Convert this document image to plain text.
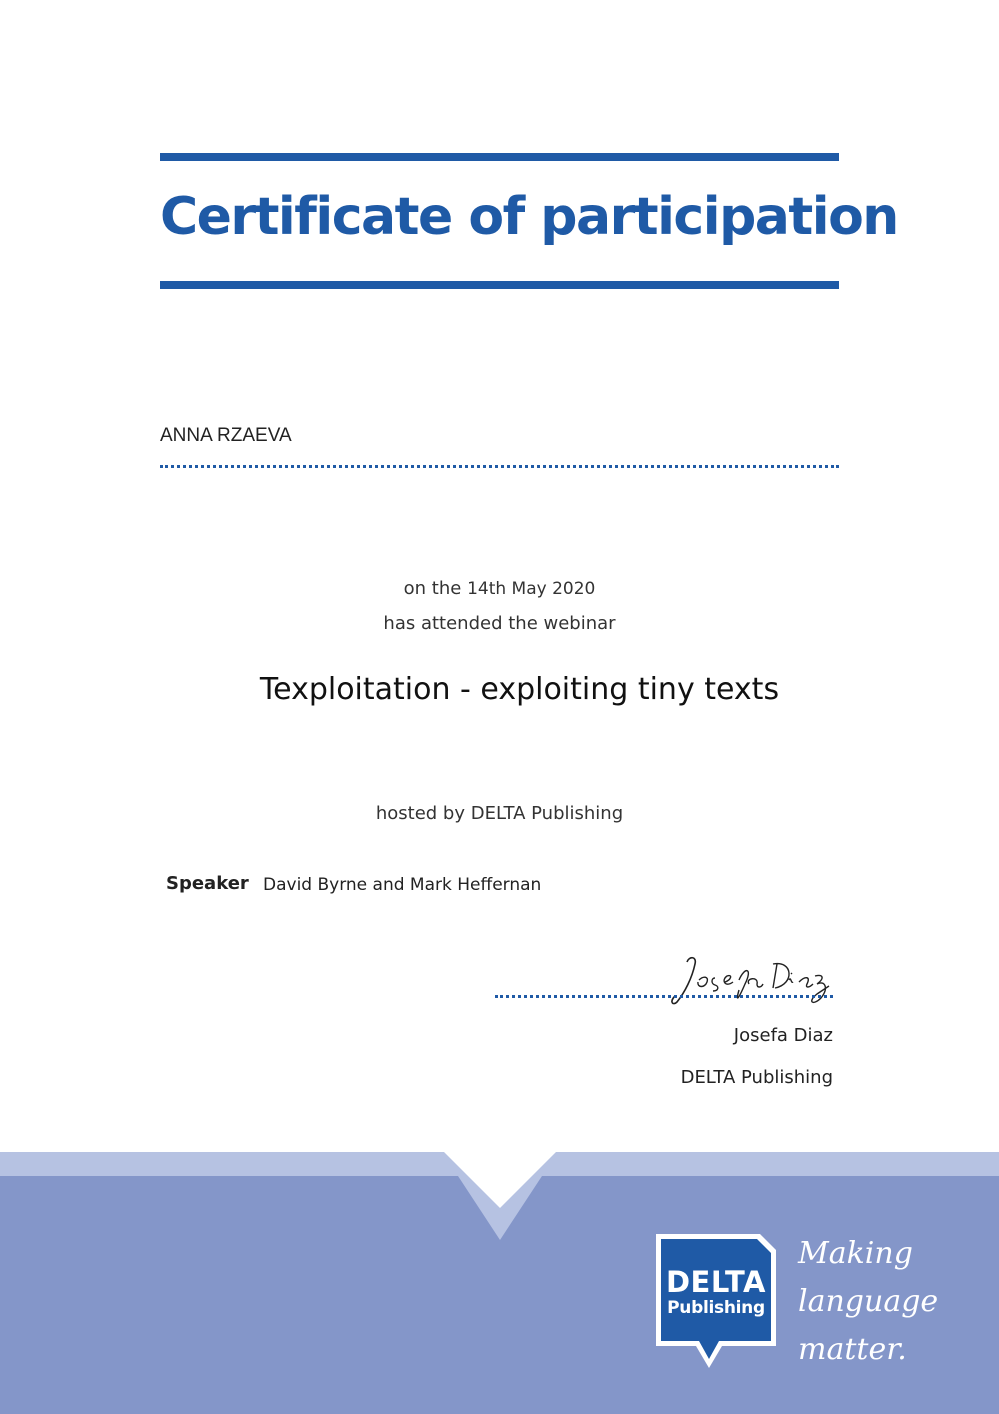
Certificate of participation
ANNA RZAEVA
on the 14th May 2020
has attended the webinar
Texploitation - exploiting tiny texts
hosted by DELTA Publishing
Speaker David Byrne and Mark Heffernan
Josefa Diaz
DELTA Publishing
DELTA
Publishing
Making
language
matter.
